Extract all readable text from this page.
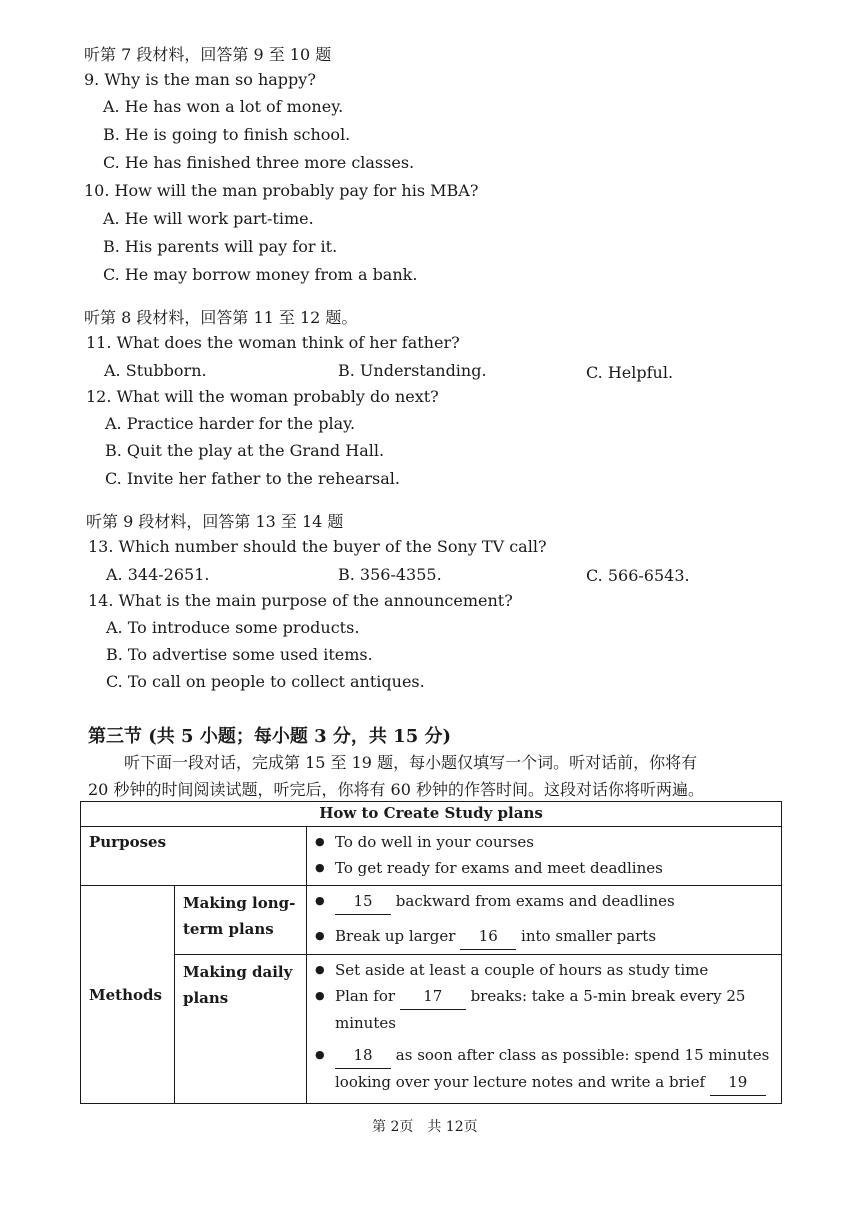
听第 7 段材料，回答第 9 至 10 题
9. Why is the man so happy?
A. He has won a lot of money.
B. He is going to finish school.
C. He has finished three more classes.
10. How will the man probably pay for his MBA?
A. He will work part-time.
B. His parents will pay for it.
C. He may borrow money from a bank.
听第 8 段材料，回答第 11 至 12 题。
11. What does the woman think of her father?
A. Stubborn.	B. Understanding.	C. Helpful.
12. What will the woman probably do next?
A. Practice harder for the play.
B. Quit the play at the Grand Hall.
C. Invite her father to the rehearsal.
听第 9 段材料，回答第 13 至 14 题
13. Which number should the buyer of the Sony TV call?
A. 344-2651.	B. 356-4355.	C. 566-6543.
14. What is the main purpose of the announcement?
A. To introduce some products.
B. To advertise some used items.
C. To call on people to collect antiques.
第三节 (共 5 小题；每小题 3 分，共 15 分)
听下面一段对话，完成第 15 至 19 题，每小题仅填写一个词。听对话前，你将有
20 秒钟的时间阅读试题，听完后，你将有 60 秒钟的作答时间。这段对话你将听两遍。
How to Create Study plans		
Purposes		● To do well in your courses
● To get ready for exams and meet deadlines

Methods	Making long-term plans	● 15 backward from exams and deadlines
● Break up larger 16 into smaller parts

	Making daily plans	● Set aside at least a couple of hours as study time
● Plan for 17 breaks: take a 5-min break every 25 minutes
● 18 as soon after class as possible: spend 15 minutes looking over your lecture notes and write a brief 19
第 2页　共 12页
